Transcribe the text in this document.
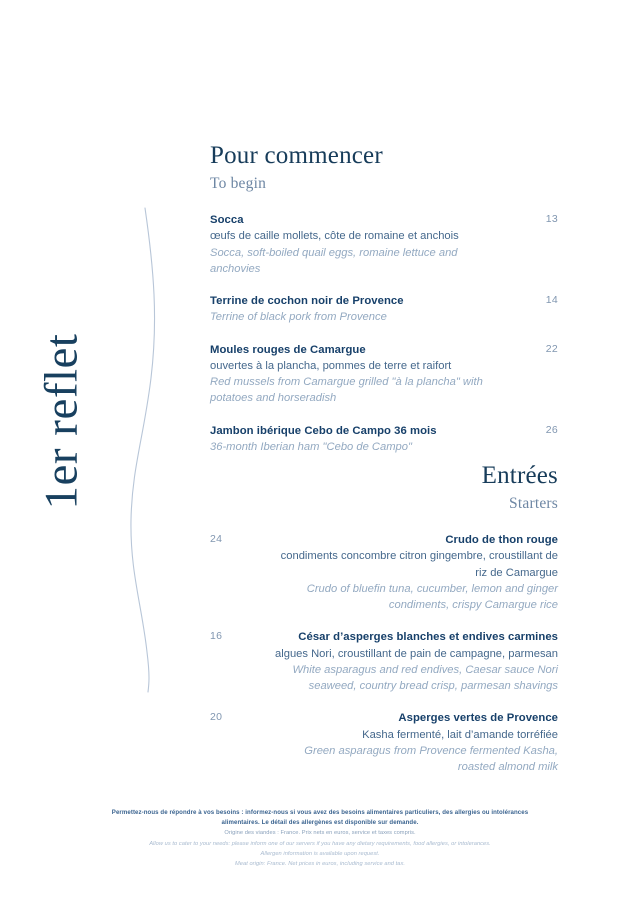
1er reflet
Pour commencer
To begin
Socca
œufs de caille mollets, côte de romaine et anchois
Socca, soft-boiled quail eggs, romaine lettuce and anchovies
13
Terrine de cochon noir de Provence
Terrine of black pork from Provence
14
Moules rouges de Camargue
ouvertes à la plancha, pommes de terre et raifort
Red mussels from Camargue grilled "à la plancha" with potatoes and horseradish
22
Jambon ibérique Cebo de Campo 36 mois
36-month Iberian ham "Cebo de Campo"
26
Entrées
Starters
Crudo de thon rouge
condiments concombre citron gingembre, croustillant de riz de Camargue
Crudo of bluefin tuna, cucumber, lemon and ginger condiments, crispy Camargue rice
24
César d’asperges blanches et endives carmines
algues Nori, croustillant de pain de campagne, parmesan
White asparagus and red endives, Caesar sauce Nori seaweed, country bread crisp, parmesan shavings
16
Asperges vertes de Provence
Kasha fermenté, lait d’amande torréfiée
Green asparagus from Provence fermented Kasha, roasted almond milk
20
Permettez-nous de répondre à vos besoins : informez-nous si vous avez des besoins alimentaires particuliers, des allergies ou intolérances
alimentaires. Le détail des allergènes est disponible sur demande.
Origine des viandes : France. Prix nets en euros, service et taxes compris.
Allow us to cater to your needs: please inform one of our servers if you have any dietary requirements, food allergies, or intolerances.
Allergen information is available upon request.
Meat origin: France. Net prices in euros, including service and tax.
